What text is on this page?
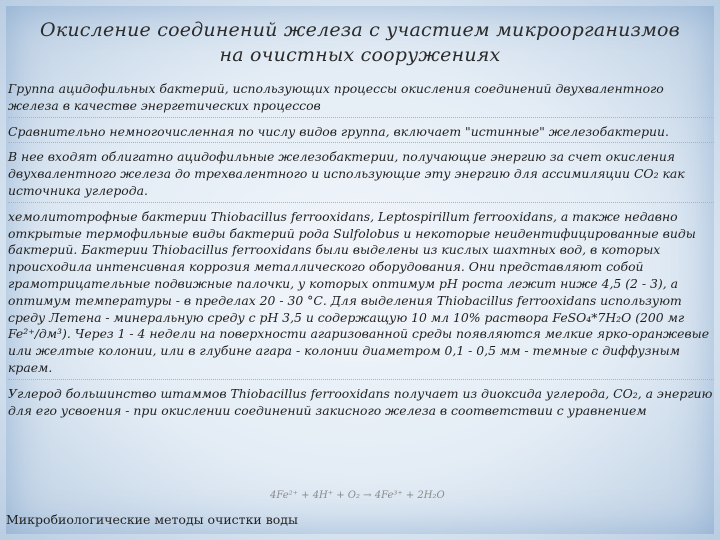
Окисление соединений железа с участием микроорганизмов
на очистных сооружениях

Группа ацидофильных бактерий, использующих процессы окисления соединений двухвалентного железа в качестве энергетических процессов

Сравнительно немногочисленная по числу видов группа, включает "истинные" железобактерии.

В нее входят облигатно ацидофильные железобактерии, получающие энергию за счет окисления двухвалентного железа до трехвалентного и использующие эту энергию для ассимиляции CO₂ как источника углерода.

хемолитотрофные бактерии Thiobacillus ferrooxidans, Leptospirillum ferrooxidans, а также недавно открытые термофильные виды бактерий рода Sulfolobus и некоторые неидентифицированные виды бактерий. Бактерии Thiobacillus ferrooxidans были выделены из кислых шахтных вод, в которых происходила интенсивная коррозия металлического оборудования. Они представляют собой грамотрицательные подвижные палочки, у которых оптимум pH роста лежит ниже 4,5 (2 - 3), а оптимум температуры - в пределах 20 - 30 °С. Для выделения Thiobacillus ferrooxidans используют среду Летена - минеральную среду с pH 3,5 и содержащую 10 мл 10% раствора FeSO₄*7H₂O (200 мг Fe²⁺/дм³). Через 1 - 4 недели на поверхности агаризованной среды появляются мелкие ярко-оранжевые или желтые колонии, или в глубине агара - колонии диаметром 0,1 - 0,5 мм - темные с диффузным краем.

Углерод большинство штаммов Thiobacillus ferrooxidans получает из диоксида углерода, CO₂, а энергию для его усвоения - при окислении соединений закисного железа в соответствии с уравнением

4Fe²⁺ + 4H⁺ + O₂ → 4Fe³⁺ + 2H₂O
Микробиологические методы очистки воды
